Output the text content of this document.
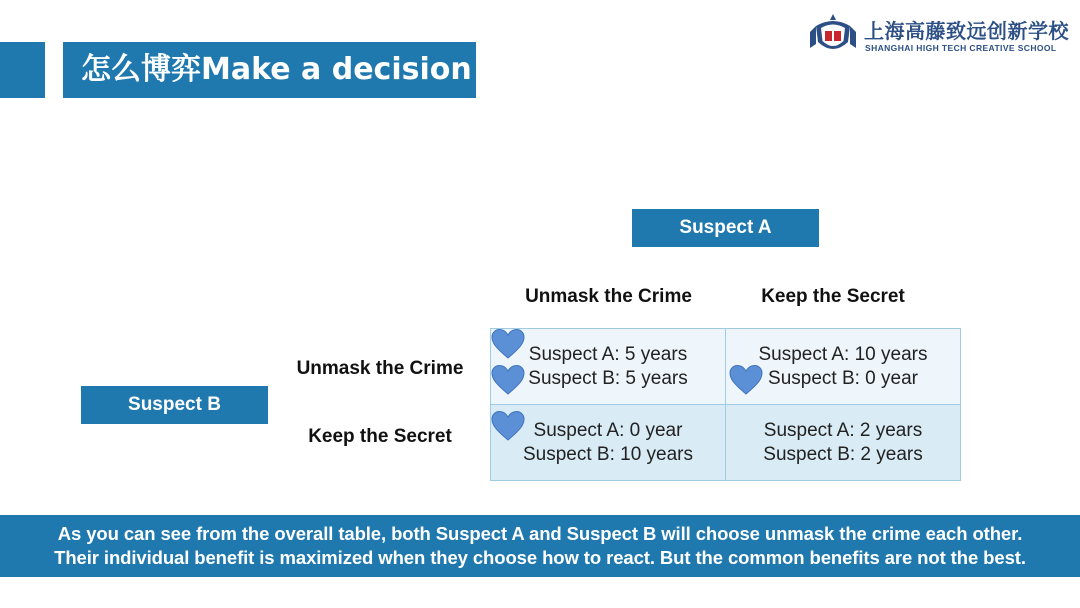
怎么博弈Make a decision
上海高藤致远创新学校
SHANGHAI HIGH TECH CREATIVE SCHOOL
Suspect A
Suspect B
Unmask the Crime	Keep the Secret
Unmask the Crime
Keep the Secret
Suspect A: 5 years
Suspect B: 5 years
Suspect A: 10 years
Suspect B: 0 year
Suspect A: 0 year
Suspect B: 10 years
Suspect A: 2 years
Suspect B: 2 years
As you can see from the overall table, both Suspect A and Suspect B will choose unmask the crime each other.
Their individual benefit is maximized when they choose how to react. But the common benefits are not the best.
